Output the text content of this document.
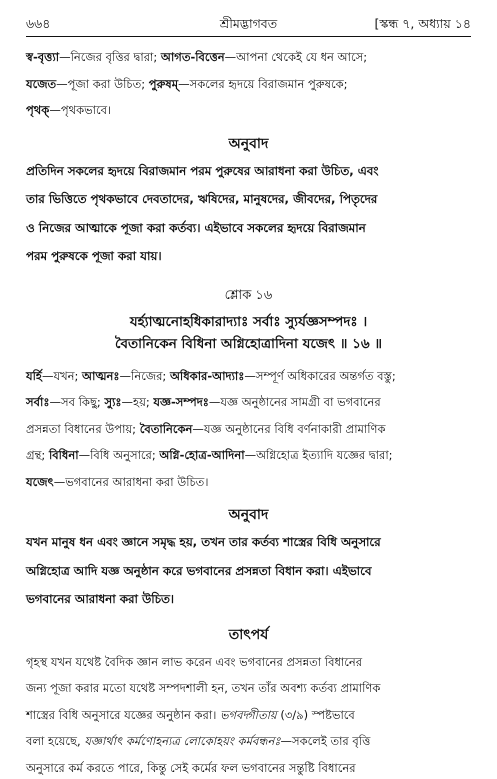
৬৬৪	শ্রীমদ্ভাগবত	[স্কন্ধ ৭, অধ্যায় ১৪
স্ব-বৃত্ত্যা—নিজের বৃত্তির দ্বারা; আগত-বিত্তেন—আপনা থেকেই যে ধন আসে;
যজেত—পূজা করা উচিত; পুরুষম্—সকলের হৃদয়ে বিরাজমান পুরুষকে;
পৃথক্—পৃথকভাবে।
অনুবাদ
প্রতিদিন সকলের হৃদয়ে বিরাজমান পরম পুরুষের আরাধনা করা উচিত, এবং
তার ভিত্তিতে পৃথকভাবে দেবতাদের, ঋষিদের, মানুষদের, জীবদের, পিতৃদের
ও নিজের আত্মাকে পূজা করা কর্তব্য। এইভাবে সকলের হৃদয়ে বিরাজমান
পরম পুরুষকে পূজা করা যায়।
শ্লোক ১৬

যর্হ্যাত্মনোহধিকারাদ্যাঃ সর্বাঃ স্যুর্যজ্ঞসম্পদঃ ।

বৈতানিকেন বিধিনা অগ্নিহোত্রাদিনা যজেৎ ॥ ১৬ ॥

যর্হি—যখন; আত্মনঃ—নিজের; অধিকার-আদ্যাঃ—সম্পূর্ণ অধিকারের অন্তর্গত বস্তু;
সর্বাঃ—সব কিছু; স্যুঃ—হয়; যজ্ঞ-সম্পদঃ—যজ্ঞ অনুষ্ঠানের সামগ্রী বা ভগবানের
প্রসন্নতা বিধানের উপায়; বৈতানিকেন—যজ্ঞ অনুষ্ঠানের বিধি বর্ণনাকারী প্রামাণিক
গ্রন্থ; বিধিনা—বিধি অনুসারে; অগ্নি-হোত্র-আদিনা—অগ্নিহোত্র ইত্যাদি যজ্ঞের দ্বারা;
যজেৎ—ভগবানের আরাধনা করা উচিত।
অনুবাদ
যখন মানুষ ধন এবং জ্ঞানে সমৃদ্ধ হয়, তখন তার কর্তব্য শাস্ত্রের বিধি অনুসারে
অগ্নিহোত্র আদি যজ্ঞ অনুষ্ঠান করে ভগবানের প্রসন্নতা বিধান করা। এইভাবে
ভগবানের আরাধনা করা উচিত।
তাৎপর্য
গৃহস্থ যখন যথেষ্ট বৈদিক জ্ঞান লাভ করেন এবং ভগবানের প্রসন্নতা বিধানের
জন্য পূজা করার মতো যথেষ্ট সম্পদশালী হন, তখন তাঁর অবশ্য কর্তব্য প্রামাণিক
শাস্ত্রের বিধি অনুসারে যজ্ঞের অনুষ্ঠান করা। ভগবদ্গীতায় (৩/৯) স্পষ্টভাবে
বলা হয়েছে, যজ্ঞার্থাৎ কর্মণোহন্যত্র লোকোহয়ং কর্মবন্ধনঃ—সকলেই তার বৃত্তি
অনুসারে কর্ম করতে পারে, কিন্তু সেই কর্মের ফল ভগবানের সন্তুষ্টি বিধানের
